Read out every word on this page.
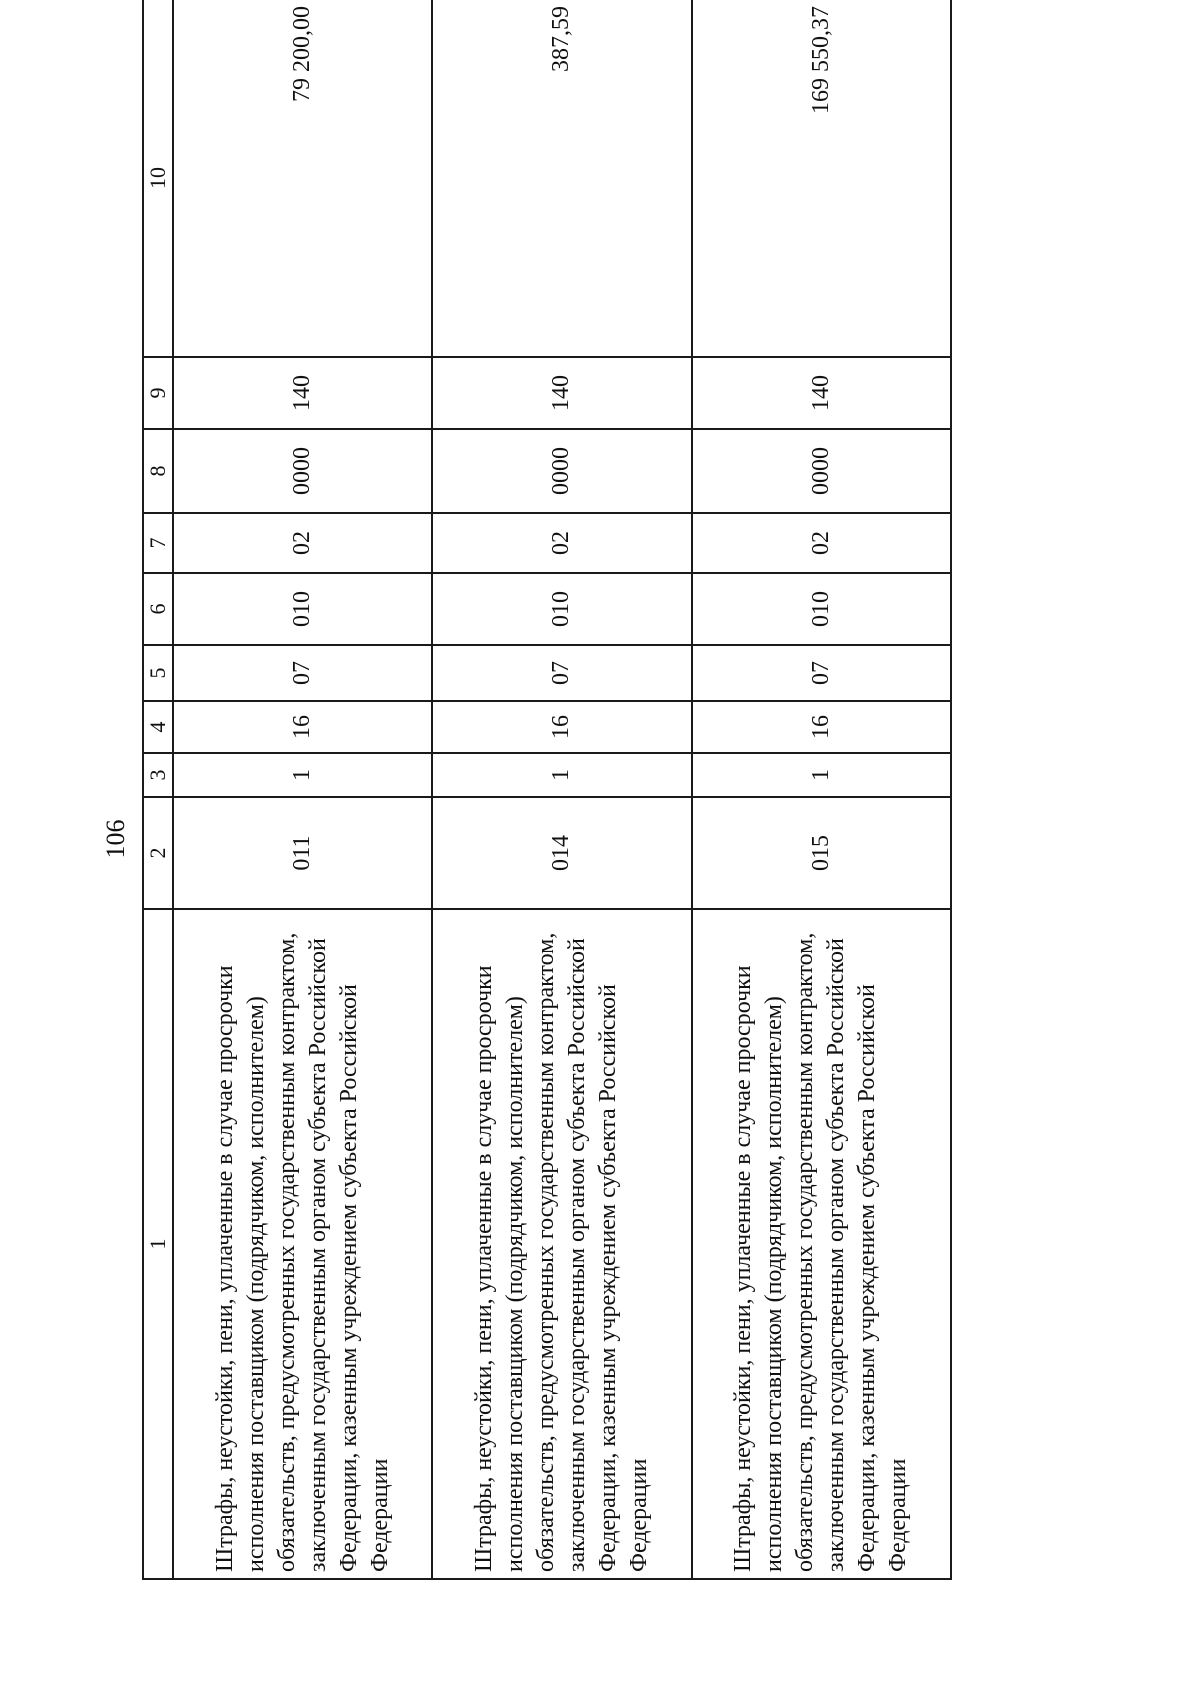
106
1	2	3	4	5	6	7	8	9	10
Штрафы, неустойки, пени, уплаченные в случае просрочки исполнения поставщиком (подрядчиком, исполнителем) обязательств, предусмотренных государственным контрактом, заключенным государственным органом субъекта Российской Федерации, казенным учреждением субъекта Российской Федерации	011	1	16	07	010	02	0000	140	79 200,00
Штрафы, неустойки, пени, уплаченные в случае просрочки исполнения поставщиком (подрядчиком, исполнителем) обязательств, предусмотренных государственным контрактом, заключенным государственным органом субъекта Российской Федерации, казенным учреждением субъекта Российской Федерации	014	1	16	07	010	02	0000	140	387,59
Штрафы, неустойки, пени, уплаченные в случае просрочки исполнения поставщиком (подрядчиком, исполнителем) обязательств, предусмотренных государственным контрактом, заключенным государственным органом субъекта Российской Федерации, казенным учреждением субъекта Российской Федерации	015	1	16	07	010	02	0000	140	169 550,37
